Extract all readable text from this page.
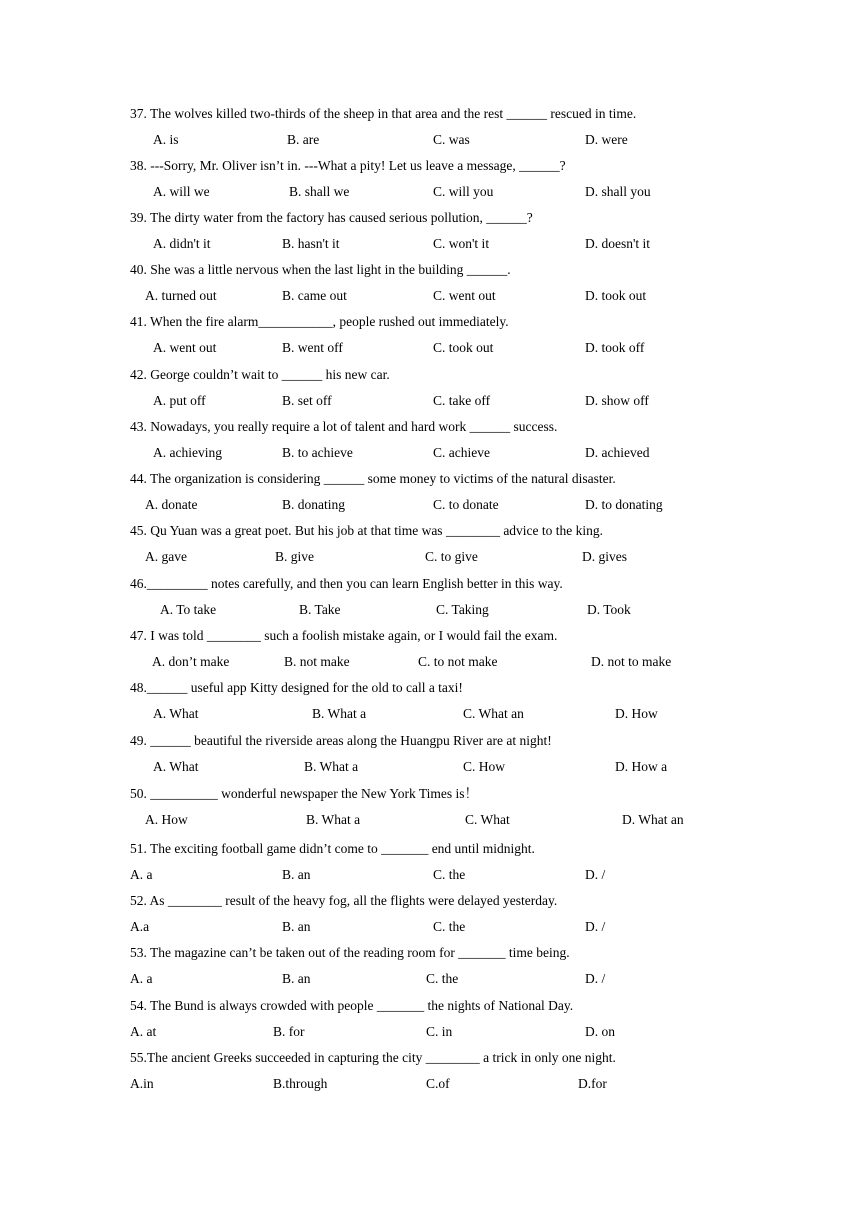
37. The wolves killed two-thirds of the sheep in that area and the rest ______ rescued in time.
A. is	B. are	C. was	D. were
38. ---Sorry, Mr. Oliver isn’t in. ---What a pity! Let us leave a message, ______?
A. will we	B. shall we	C. will you	D. shall you
39. The dirty water from the factory has caused serious pollution, ______?
A. didn't it	B. hasn't it	C. won't it	D. doesn't it
40. She was a little nervous when the last light in the building ______.
A. turned out	B. came out	C. went out	D. took out
41. When the fire alarm___________, people rushed out immediately.
A. went out	B. went off	C. took out	D. took off
42. George couldn’t wait to ______ his new car.
A. put off	B. set off	C. take off	D. show off
43. Nowadays, you really require a lot of talent and hard work ______ success.
A. achieving	B. to achieve	C. achieve	D. achieved
44. The organization is considering ______ some money to victims of the natural disaster.
A. donate	B. donating	C. to donate	D. to donating
45. Qu Yuan was a great poet. But his job at that time was ________ advice to the king.
A. gave	B. give	C. to give	D. gives
46._________ notes carefully, and then you can learn English better in this way.
A. To take	B. Take	C. Taking	D. Took
47. I was told ________ such a foolish mistake again, or I would fail the exam.
A. don’t make	B. not make	C. to not make	D. not to make
48.______ useful app Kitty designed for the old to call a taxi!
A. What	B. What a	C. What an	D. How
49. ______ beautiful the riverside areas along the Huangpu River are at night!
A. What	B. What a	C. How	D. How a
50. __________ wonderful newspaper the New York Times is！
A. How	B. What a	C. What	D. What an
51. The exciting football game didn’t come to _______ end until midnight.
A. a	B. an	C. the	D. /
52. As ________ result of the heavy fog, all the flights were delayed yesterday.
A.a	B. an	C. the	D. /
53. The magazine can’t be taken out of the reading room for _______ time being.
A. a	B. an	C. the	D. /
54. The Bund is always crowded with people _______ the nights of National Day.
A. at	B. for	C. in	D. on
55.The ancient Greeks succeeded in capturing the city ________ a trick in only one night.
A.in	B.through	C.of	D.for
